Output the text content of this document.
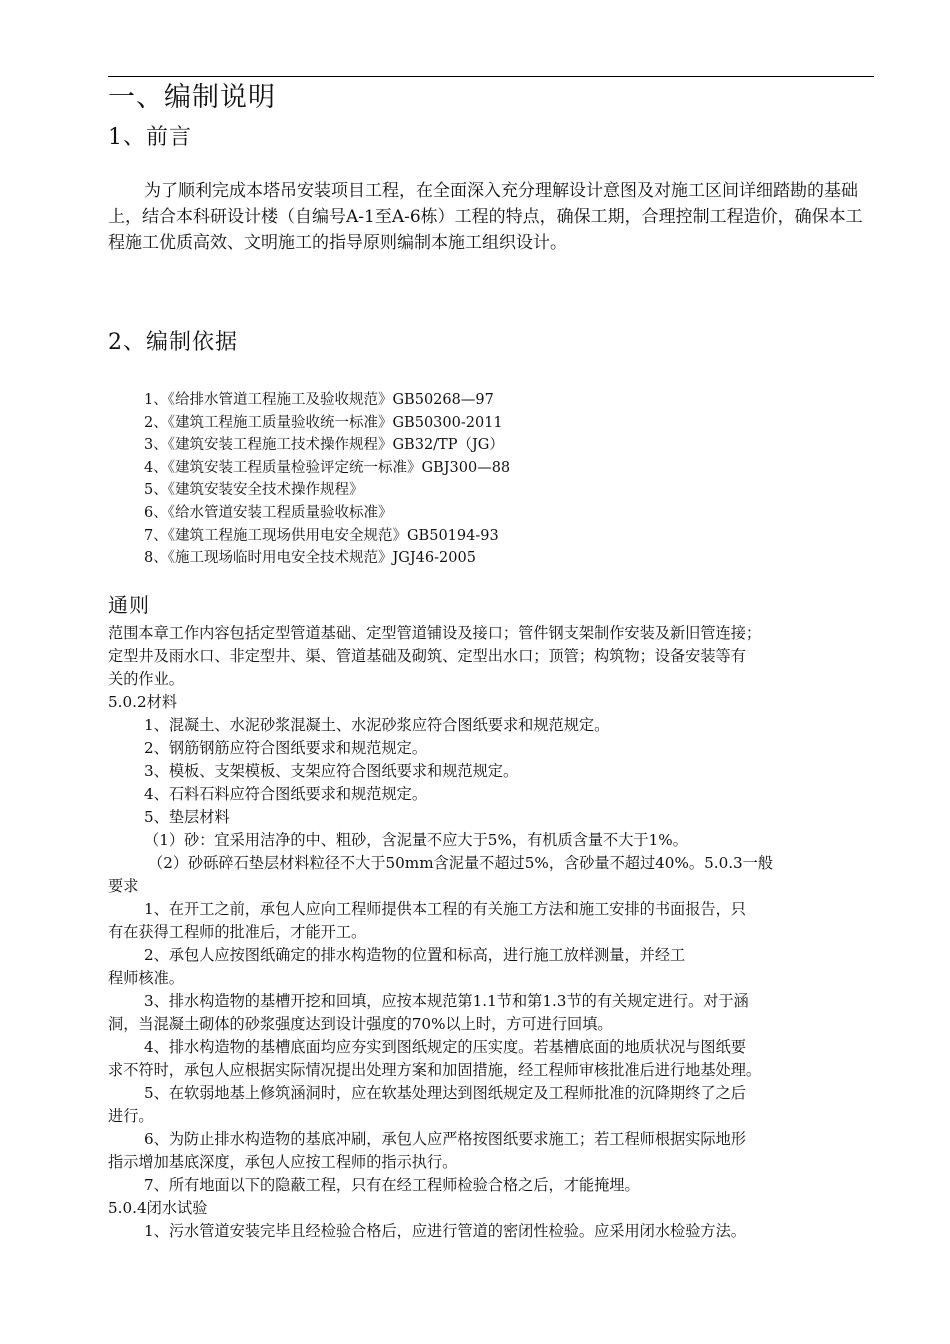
一、编制说明
1、前言
为了顺利完成本塔吊安装项目工程，在全面深入充分理解设计意图及对施工区间详细踏勘的基础上，结合本科研设计楼（自编号A-1至A-6栋）工程的特点，确保工期，合理控制工程造价，确保本工程施工优质高效、文明施工的指导原则编制本施工组织设计。
2、编制依据
1、《给排水管道工程施工及验收规范》GB50268—97
2、《建筑工程施工质量验收统一标准》GB50300-2011
3、《建筑安装工程施工技术操作规程》GB32/TP（JG）
4、《建筑安装工程质量检验评定统一标准》GBJ300—88
5、《建筑安装安全技术操作规程》
6、《给水管道安装工程质量验收标准》
7、《建筑工程施工现场供用电安全规范》GB50194-93
8、《施工现场临时用电安全技术规范》JGJ46-2005
通则
范围本章工作内容包括定型管道基础、定型管道铺设及接口；管件钢支架制作安装及新旧管连接；
定型井及雨水口、非定型井、渠、管道基础及砌筑、定型出水口；顶管；构筑物；设备安装等有
关的作业。
5.0.2材料
1、混凝土、水泥砂浆混凝土、水泥砂浆应符合图纸要求和规范规定。
2、钢筋钢筋应符合图纸要求和规范规定。
3、模板、支架模板、支架应符合图纸要求和规范规定。
4、石料石料应符合图纸要求和规范规定。
5、垫层材料
（1）砂：宜采用洁净的中、粗砂，含泥量不应大于5%，有机质含量不大于1%。
（2）砂砾碎石垫层材料粒径不大于50mm含泥量不超过5%，含砂量不超过40%。5.0.3一般
要求
1、在开工之前，承包人应向工程师提供本工程的有关施工方法和施工安排的书面报告，只
有在获得工程师的批准后，才能开工。
2、承包人应按图纸确定的排水构造物的位置和标高，进行施工放样测量，并经工
程师核准。
3、排水构造物的基槽开挖和回填，应按本规范第1.1节和第1.3节的有关规定进行。对于涵
洞，当混凝土砌体的砂浆强度达到设计强度的70%以上时，方可进行回填。
4、排水构造物的基槽底面均应夯实到图纸规定的压实度。若基槽底面的地质状况与图纸要
求不符时，承包人应根据实际情况提出处理方案和加固措施，经工程师审核批准后进行地基处理。
5、在软弱地基上修筑涵洞时，应在软基处理达到图纸规定及工程师批准的沉降期终了之后
进行。
6、为防止排水构造物的基底冲刷，承包人应严格按图纸要求施工；若工程师根据实际地形
指示增加基底深度，承包人应按工程师的指示执行。
7、所有地面以下的隐蔽工程，只有在经工程师检验合格之后，才能掩埋。
5.0.4闭水试验
1、污水管道安装完毕且经检验合格后，应进行管道的密闭性检验。应采用闭水检验方法。
